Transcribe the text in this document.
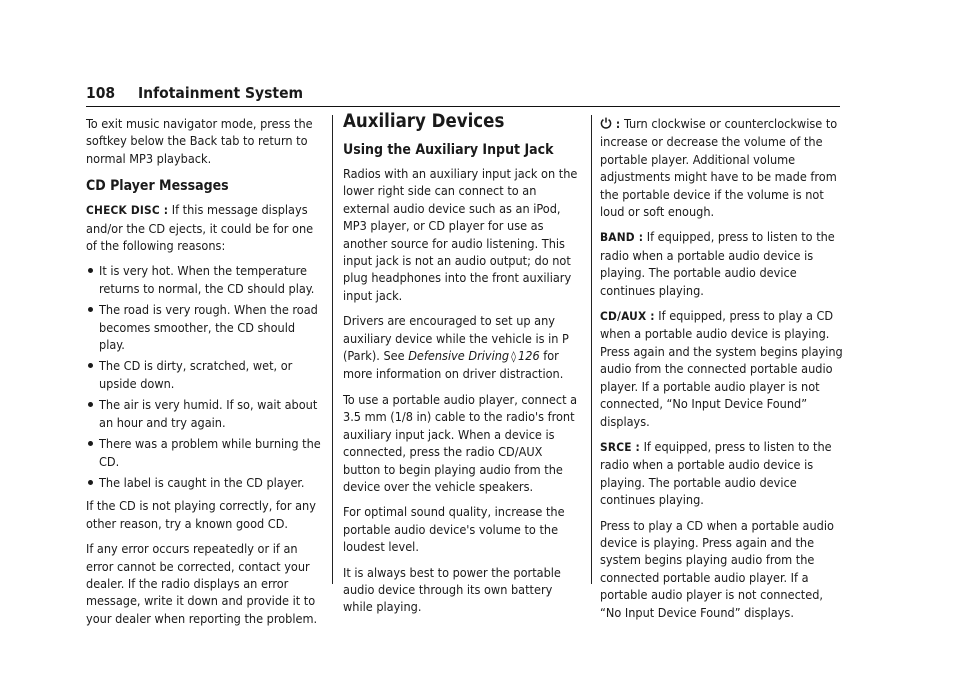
108 Infotainment System

To exit music navigator mode, press the softkey below the Back tab to return to normal MP3 playback.

CD Player Messages

CHECK DISC : If this message displays and/or the CD ejects, it could be for one of the following reasons:

It is very hot. When the temperature returns to normal, the CD should play.
The road is very rough. When the road becomes smoother, the CD should play.
The CD is dirty, scratched, wet, or upside down.
The air is very humid. If so, wait about an hour and try again.
There was a problem while burning the CD.
The label is caught in the CD player.

If the CD is not playing correctly, for any other reason, try a known good CD.

If any error occurs repeatedly or if an error cannot be corrected, contact your dealer. If the radio displays an error message, write it down and provide it to your dealer when reporting the problem.

Auxiliary Devices
Using the Auxiliary Input Jack

Radios with an auxiliary input jack on the lower right side can connect to an external audio device such as an iPod, MP3 player, or CD player for use as another source for audio listening. This input jack is not an audio output; do not plug headphones into the front auxiliary input jack.

Drivers are encouraged to set up any auxiliary device while the vehicle is in P (Park). See Defensive Driving ◊ 126 for more information on driver distraction.

To use a portable audio player, connect a 3.5 mm (1/8 in) cable to the radio's front auxiliary input jack. When a device is connected, press the radio CD/AUX button to begin playing audio from the device over the vehicle speakers.

For optimal sound quality, increase the portable audio device's volume to the loudest level.

It is always best to power the portable audio device through its own battery while playing.

: Turn clockwise or counterclockwise to increase or decrease the volume of the portable player. Additional volume adjustments might have to be made from the portable device if the volume is not loud or soft enough.

BAND : If equipped, press to listen to the radio when a portable audio device is playing. The portable audio device continues playing.

CD/AUX : If equipped, press to play a CD when a portable audio device is playing. Press again and the system begins playing audio from the connected portable audio player. If a portable audio player is not connected, “No Input Device Found” displays.

SRCE : If equipped, press to listen to the radio when a portable audio device is playing. The portable audio device continues playing.

Press to play a CD when a portable audio device is playing. Press again and the system begins playing audio from the connected portable audio player. If a portable audio player is not connected, “No Input Device Found” displays.
